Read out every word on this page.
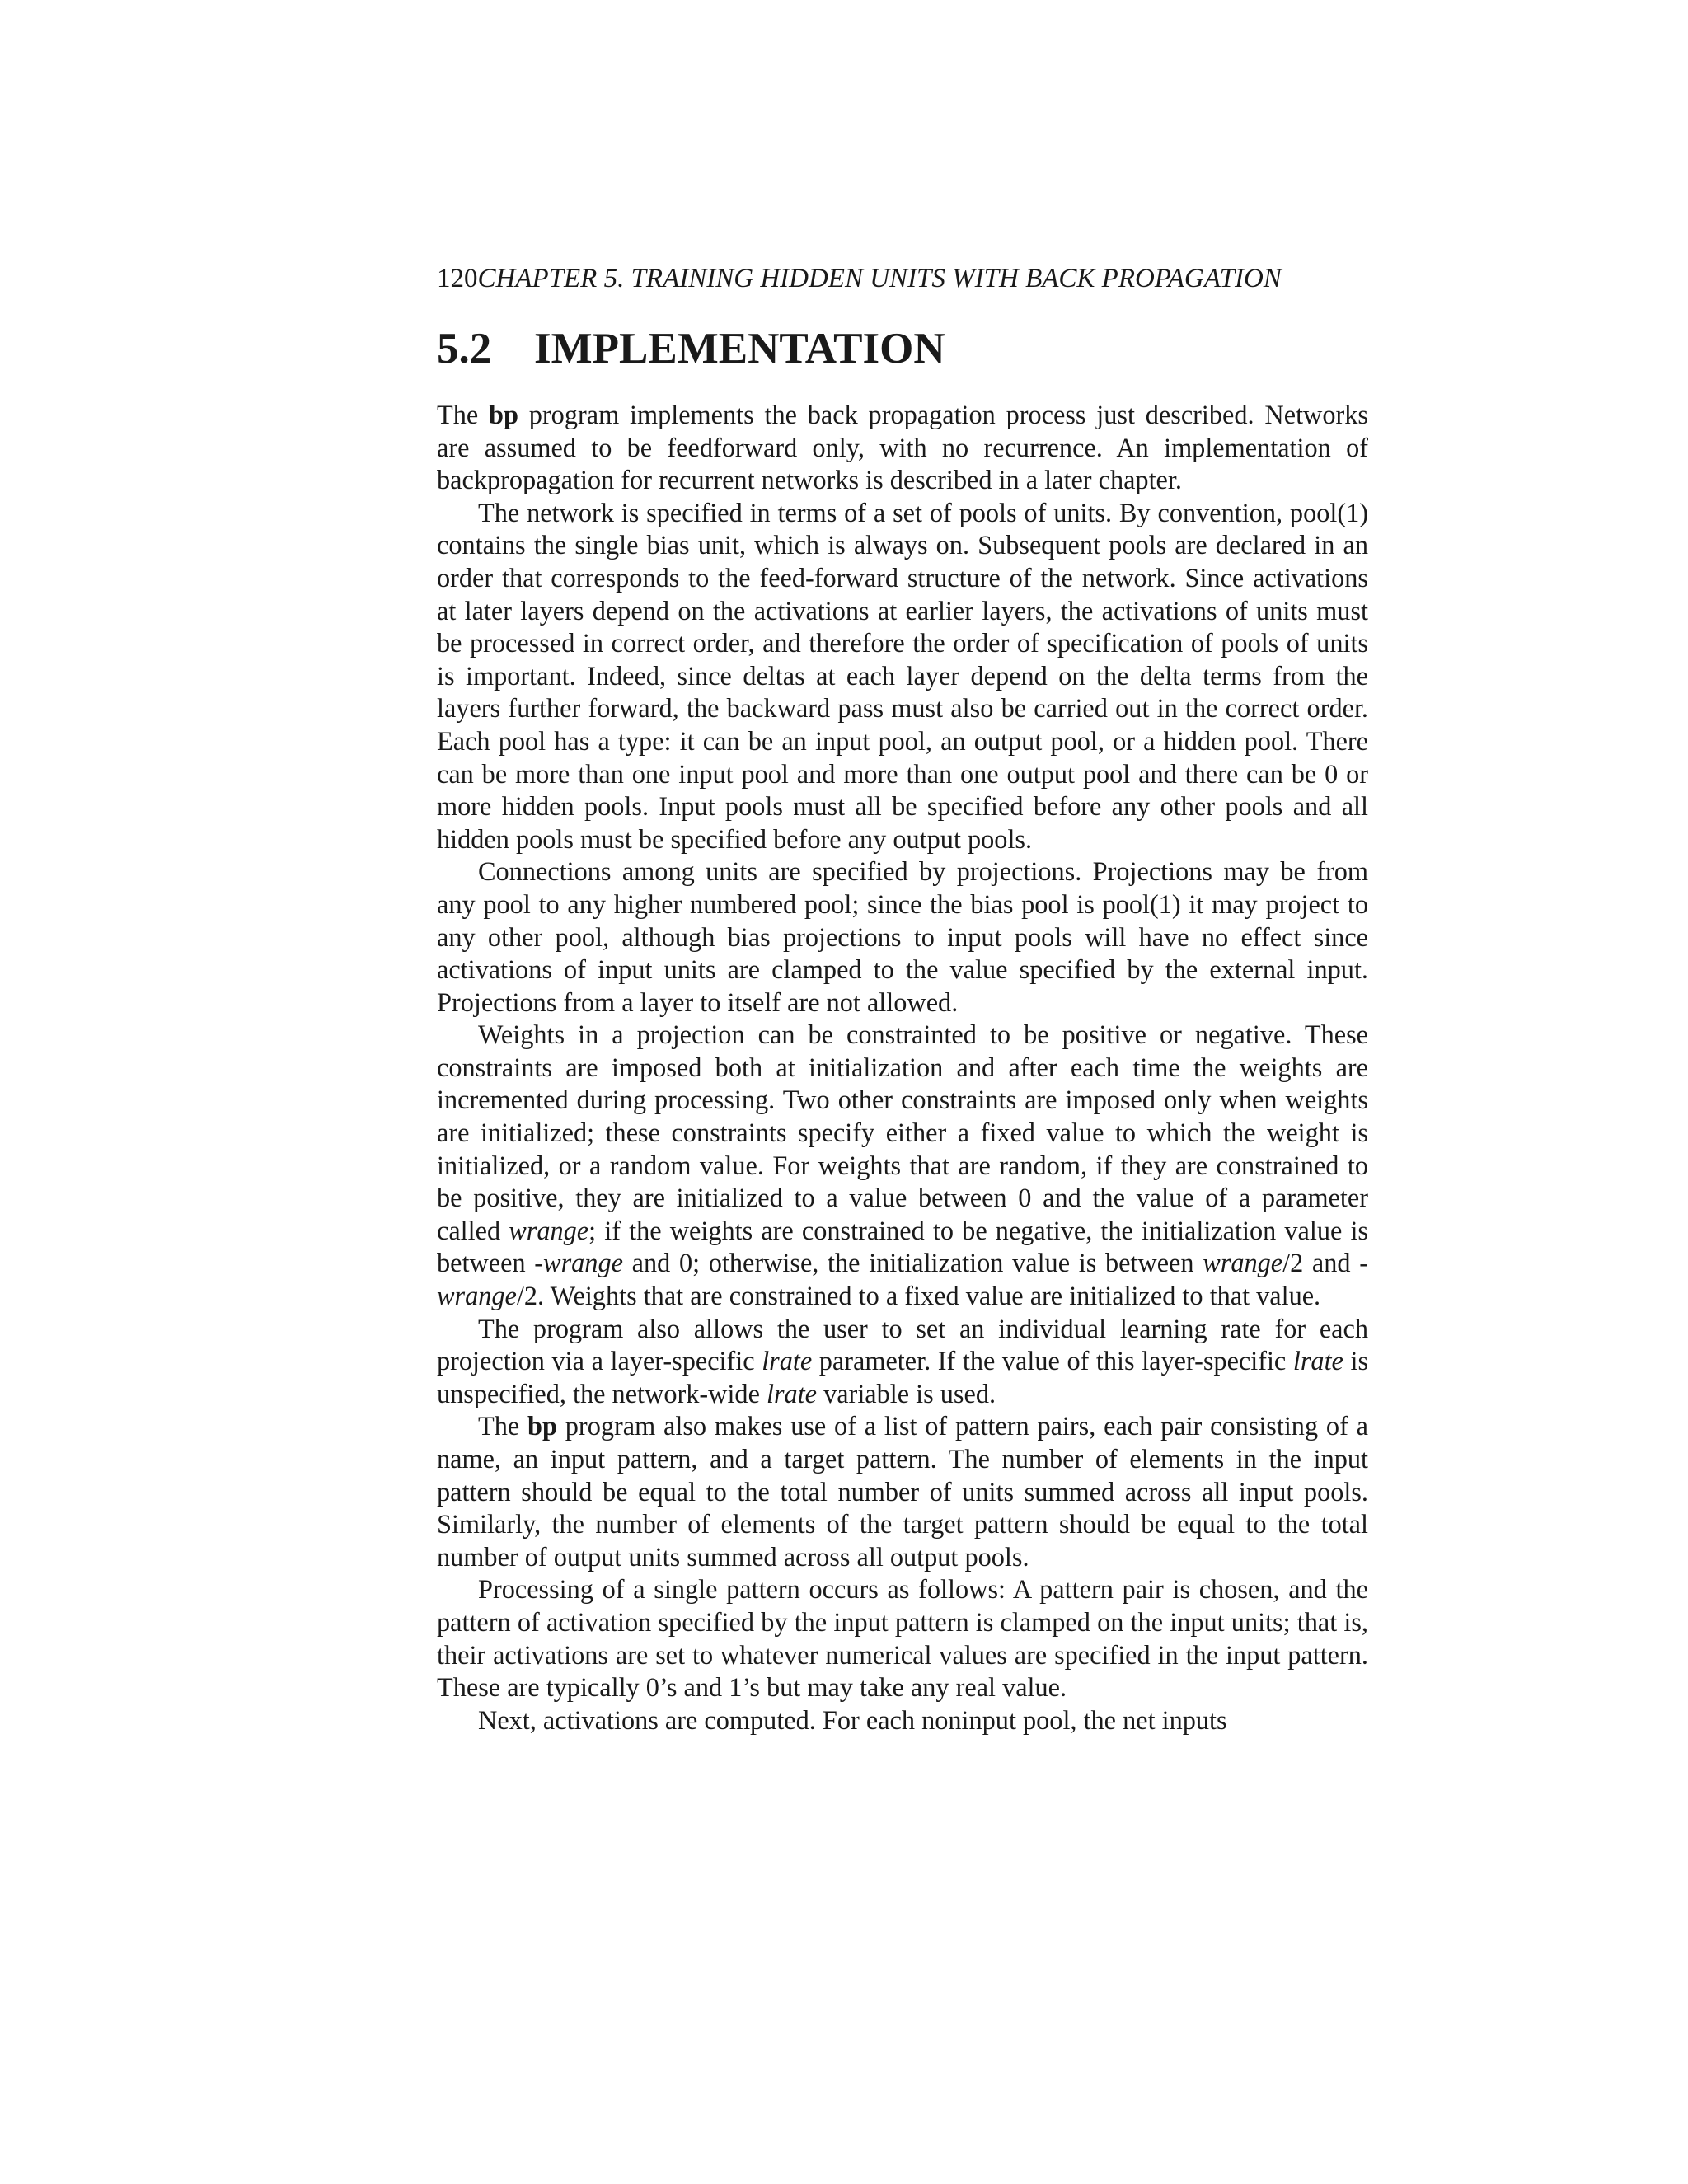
120CHAPTER 5. TRAINING HIDDEN UNITS WITH BACK PROPAGATION
5.2 IMPLEMENTATION

The bp program implements the back propagation process just described. Networks are assumed to be feedforward only, with no recurrence. An implementation of backpropagation for recurrent networks is described in a later chapter.

The network is specified in terms of a set of pools of units. By convention, pool(1) contains the single bias unit, which is always on. Subsequent pools are declared in an order that corresponds to the feed-forward structure of the network. Since activations at later layers depend on the activations at earlier layers, the activations of units must be processed in correct order, and therefore the order of specification of pools of units is important. Indeed, since deltas at each layer depend on the delta terms from the layers further forward, the backward pass must also be carried out in the correct order. Each pool has a type: it can be an input pool, an output pool, or a hidden pool. There can be more than one input pool and more than one output pool and there can be 0 or more hidden pools. Input pools must all be specified before any other pools and all hidden pools must be specified before any output pools.

Connections among units are specified by projections. Projections may be from any pool to any higher numbered pool; since the bias pool is pool(1) it may project to any other pool, although bias projections to input pools will have no effect since activations of input units are clamped to the value specified by the external input. Projections from a layer to itself are not allowed.

Weights in a projection can be constrainted to be positive or negative. These constraints are imposed both at initialization and after each time the weights are incremented during processing. Two other constraints are imposed only when weights are initialized; these constraints specify either a fixed value to which the weight is initialized, or a random value. For weights that are random, if they are constrained to be positive, they are initialized to a value between 0 and the value of a parameter called wrange; if the weights are constrained to be negative, the initialization value is between -wrange and 0; otherwise, the initialization value is between wrange/2 and -wrange/2. Weights that are constrained to a fixed value are initialized to that value.

The program also allows the user to set an individual learning rate for each projection via a layer-specific lrate parameter. If the value of this layer-specific lrate is unspecified, the network-wide lrate variable is used.

The bp program also makes use of a list of pattern pairs, each pair consisting of a name, an input pattern, and a target pattern. The number of elements in the input pattern should be equal to the total number of units summed across all input pools. Similarly, the number of elements of the target pattern should be equal to the total number of output units summed across all output pools.

Processing of a single pattern occurs as follows: A pattern pair is chosen, and the pattern of activation specified by the input pattern is clamped on the input units; that is, their activations are set to whatever numerical values are specified in the input pattern. These are typically 0’s and 1’s but may take any real value.

Next, activations are computed. For each noninput pool, the net inputs
